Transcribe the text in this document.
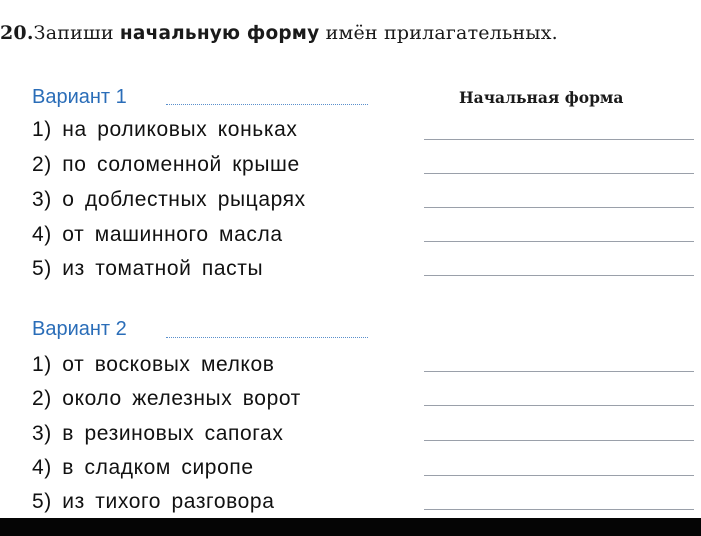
20.Запиши начальную форму имён прилагательных.
Начальная форма
Вариант 1
1) на роликовых коньках
2) по соломенной крыше
3) о доблестных рыцарях
4) от машинного масла
5) из томатной пасты
Вариант 2
1) от восковых мелков
2) около железных ворот
3) в резиновых сапогах
4) в сладком сиропе
5) из тихого разговора
